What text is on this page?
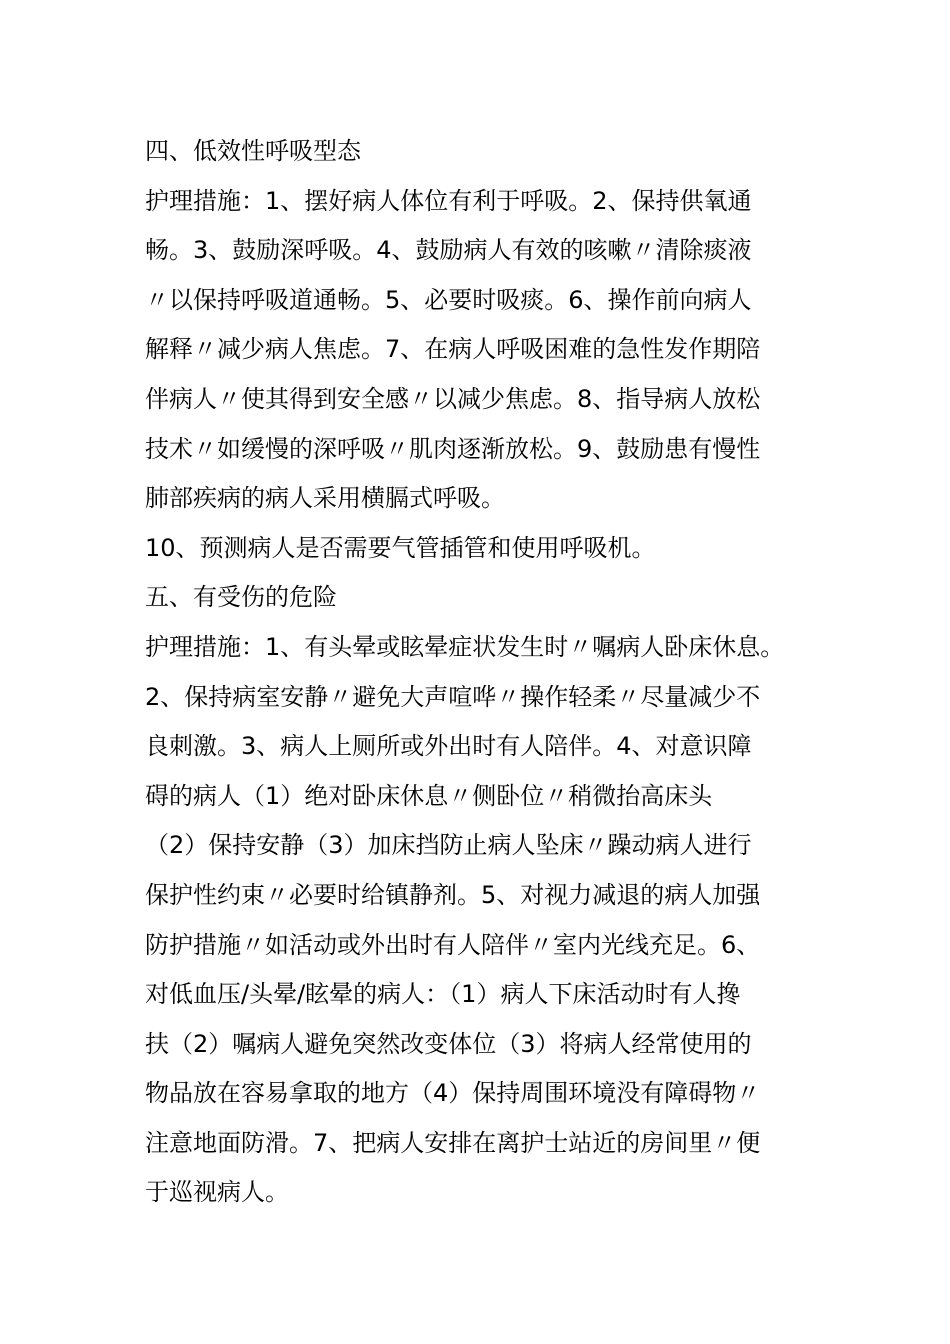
四、低效性呼吸型态
护理措施：1、摆好病人体位有利于呼吸。2、保持供氧通
畅。3、鼓励深呼吸。4、鼓励病人有效的咳嗽〃清除痰液
〃以保持呼吸道通畅。5、必要时吸痰。6、操作前向病人
解释〃减少病人焦虑。7、在病人呼吸困难的急性发作期陪
伴病人〃使其得到安全感〃以减少焦虑。8、指导病人放松
技术〃如缓慢的深呼吸〃肌肉逐渐放松。9、鼓励患有慢性
肺部疾病的病人采用横膈式呼吸。
10、预测病人是否需要气管插管和使用呼吸机。
五、有受伤的危险
护理措施：1、有头晕或眩晕症状发生时〃嘱病人卧床休息。
2、保持病室安静〃避免大声喧哗〃操作轻柔〃尽量减少不
良刺激。3、病人上厕所或外出时有人陪伴。4、对意识障
碍的病人（1）绝对卧床休息〃侧卧位〃稍微抬高床头
（2）保持安静（3）加床挡防止病人坠床〃躁动病人进行
保护性约束〃必要时给镇静剂。5、对视力减退的病人加强
防护措施〃如活动或外出时有人陪伴〃室内光线充足。6、
对低血压/头晕/眩晕的病人：（1）病人下床活动时有人搀
扶（2）嘱病人避免突然改变体位（3）将病人经常使用的
物品放在容易拿取的地方（4）保持周围环境没有障碍物〃
注意地面防滑。7、把病人安排在离护士站近的房间里〃便
于巡视病人。
